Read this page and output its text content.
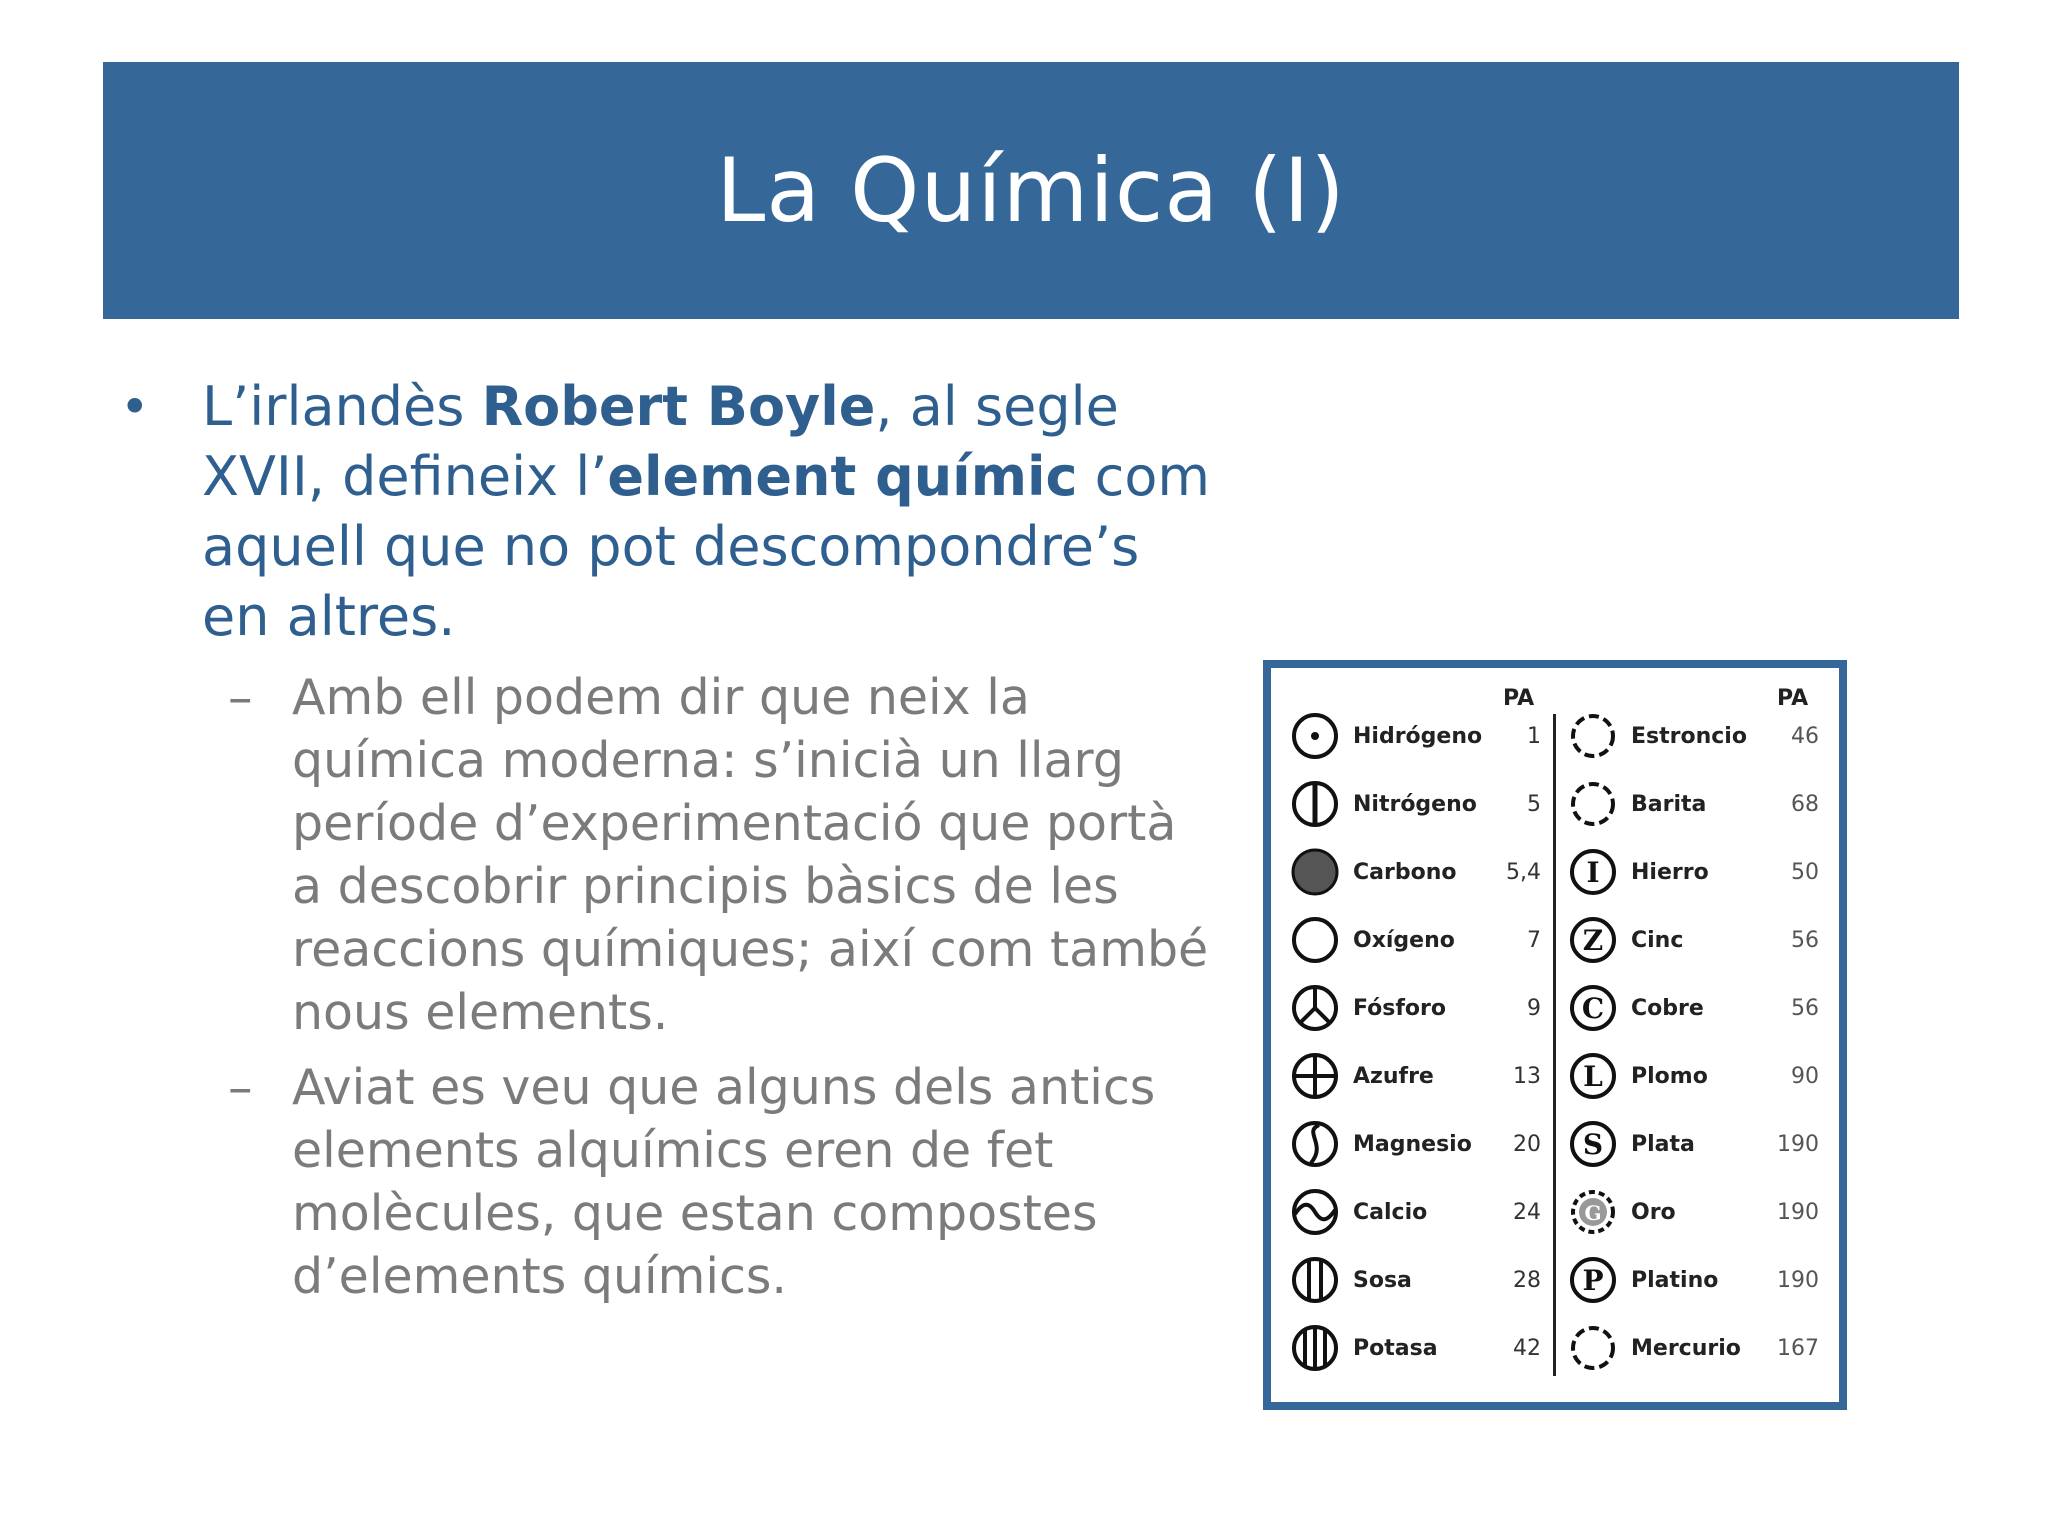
La Química (I)
• L’irlandès Robert Boyle, al segle XVII, defineix l’element químic com aquell que no pot descompondre’s en altres.
– Amb ell podem dir que neix la química moderna: s’inicià un llarg període d’experimentació que portà a descobrir principis bàsics de les reaccions químiques; així com també nous elements.
– Aviat es veu que alguns dels antics elements alquímics eren de fet molècules, que estan compostes d’elements químics.
PA	PA
Hidrógeno	1
Nitrógeno	5
Carbono	5,4
Oxígeno	7
Fósforo	9
Azufre	13
Magnesio	20
Calcio	24
Sosa	28
Potasa	42
Estroncio	46
Barita	68
I Hierro	50
Z Cinc	56
C Cobre	56
L Plomo	90
S Plata	190
G Oro	190
P Platino	190
Mercurio	167
